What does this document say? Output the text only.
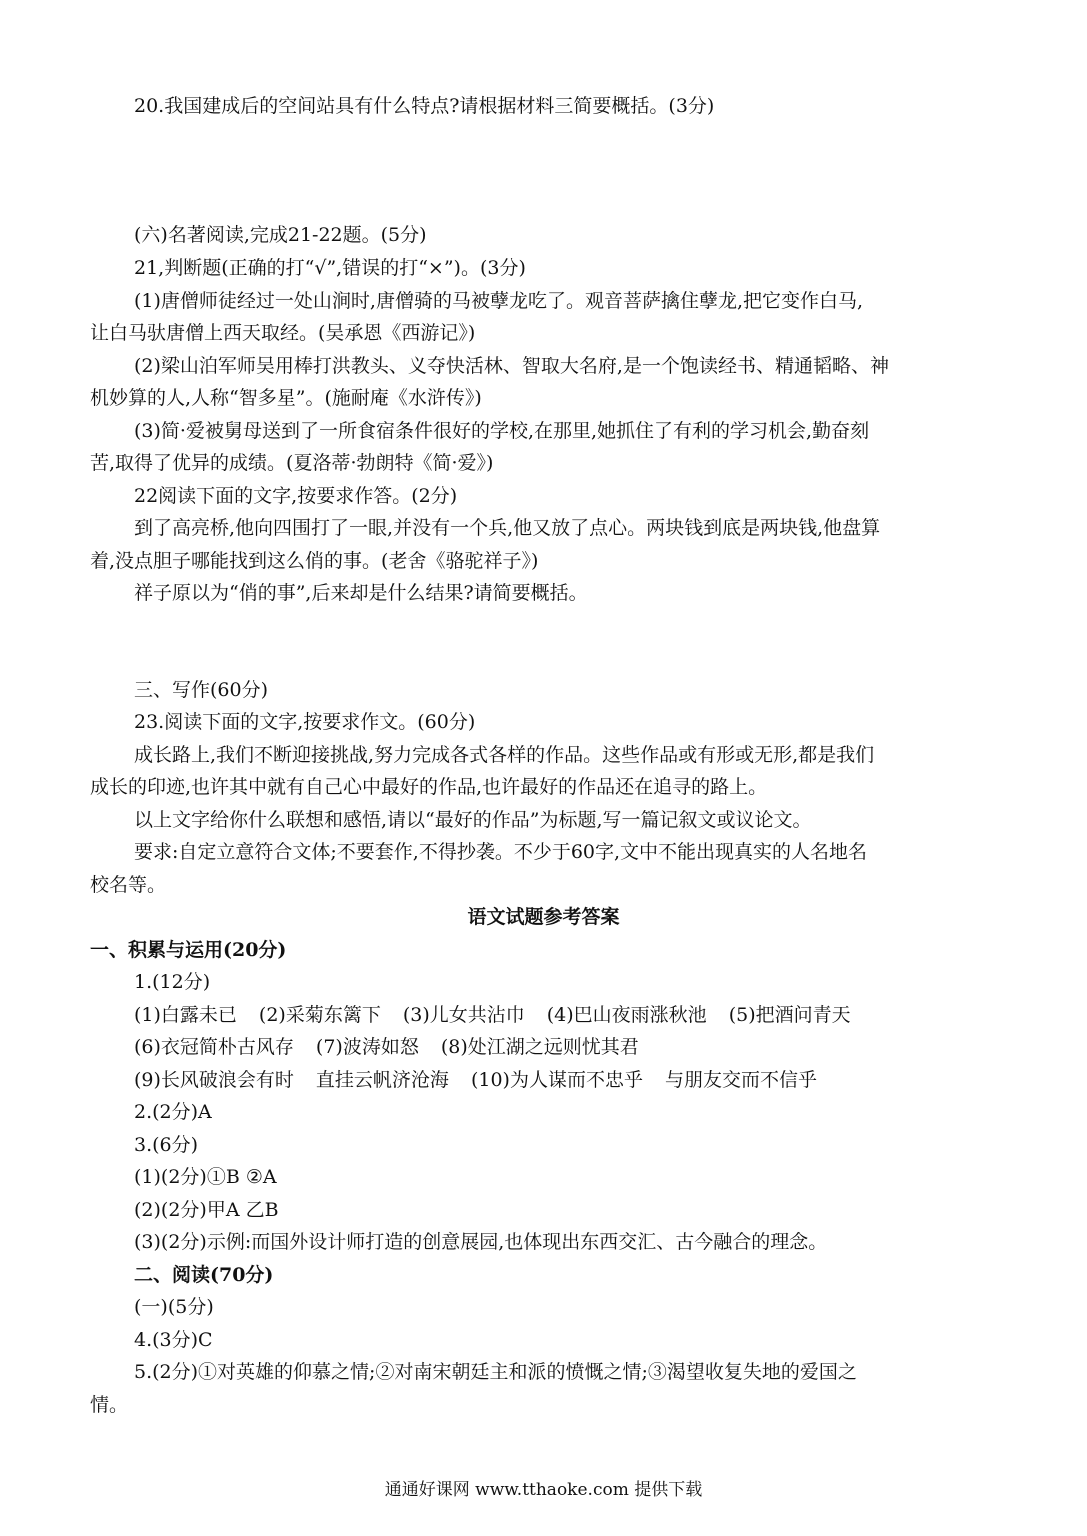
20.我国建成后的空间站具有什么特点?请根据材料三简要概括。(3分)
(六)名著阅读,完成21-22题。(5分)
21,判断题(正确的打“√”,错误的打“×”)。(3分)
(1)唐僧师徒经过一处山涧时,唐僧骑的马被孽龙吃了。观音菩萨擒住孽龙,把它变作白马,
让白马驮唐僧上西天取经。(吴承恩《西游记》)
(2)梁山泊军师吴用棒打洪教头、义夺快活林、智取大名府,是一个饱读经书、精通韬略、神
机妙算的人,人称“智多星”。(施耐庵《水浒传》)
(3)简·爱被舅母送到了一所食宿条件很好的学校,在那里,她抓住了有利的学习机会,勤奋刻
苦,取得了优异的成绩。(夏洛蒂·勃朗特《简·爱》)
22阅读下面的文字,按要求作答。(2分)
到了高亮桥,他向四围打了一眼,并没有一个兵,他又放了点心。两块钱到底是两块钱,他盘算
着,没点胆子哪能找到这么俏的事。(老舍《骆驼祥子》)
祥子原以为“俏的事”,后来却是什么结果?请简要概括。
三、写作(60分)
23.阅读下面的文字,按要求作文。(60分)
成长路上,我们不断迎接挑战,努力完成各式各样的作品。这些作品或有形或无形,都是我们
成长的印迹,也许其中就有自己心中最好的作品,也许最好的作品还在追寻的路上。
以上文字给你什么联想和感悟,请以“最好的作品”为标题,写一篇记叙文或议论文。
要求:自定立意符合文体;不要套作,不得抄袭。不少于60字,文中不能出现真实的人名地名
校名等。
语文试题参考答案
一、积累与运用(20分)
1.(12分)
(1)白露未已 (2)采菊东篱下 (3)儿女共沾巾 (4)巴山夜雨涨秋池 (5)把酒问青天
(6)衣冠简朴古风存 (7)波涛如怒 (8)处江湖之远则忧其君
(9)长风破浪会有时 直挂云帆济沧海 (10)为人谋而不忠乎 与朋友交而不信乎
2.(2分)A
3.(6分)
(1)(2分)①B ②A
(2)(2分)甲A 乙B
(3)(2分)示例:而国外设计师打造的创意展园,也体现出东西交汇、古今融合的理念。
二、阅读(70分)
(一)(5分)
4.(3分)C
5.(2分)①对英雄的仰慕之情;②对南宋朝廷主和派的愤慨之情;③渴望收复失地的爱国之
情。
通通好课网 www.tthaoke.com 提供下载
